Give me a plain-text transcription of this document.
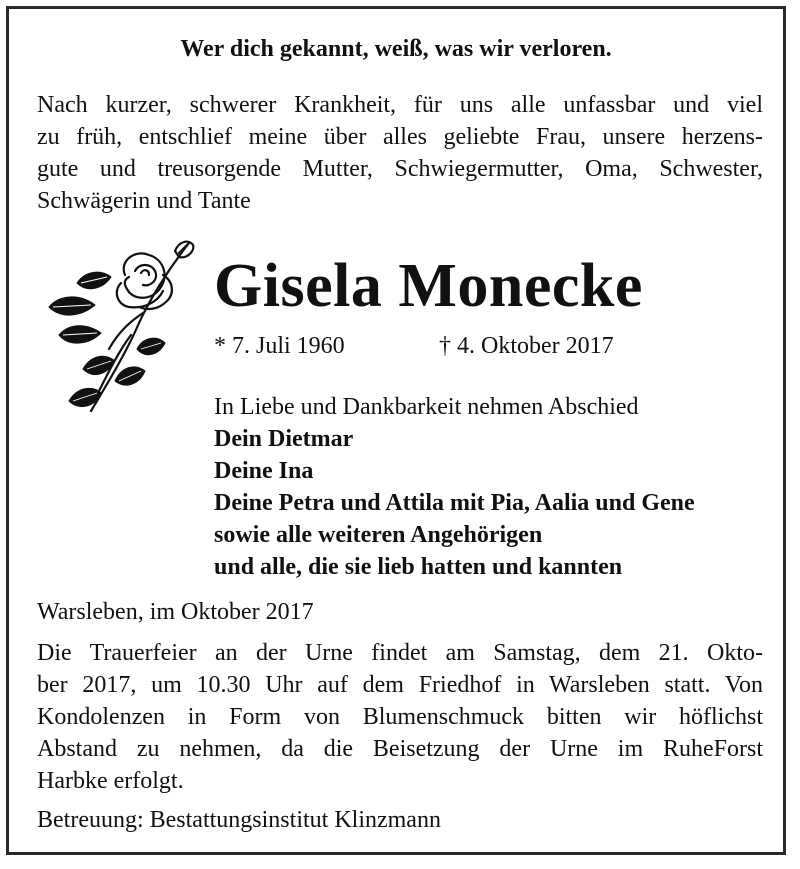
Wer dich gekannt, weiß, was wir verloren.
Nach kurzer, schwerer Krankheit, für uns alle unfassbar und viel
zu früh, entschlief meine über alles geliebte Frau, unsere herzens-
gute und treusorgende Mutter, Schwiegermutter, Oma, Schwester,
Schwägerin und Tante
Gisela Monecke
* 7. Juli 1960	† 4. Oktober 2017
In Liebe und Dankbarkeit nehmen Abschied
Dein Dietmar
Deine Ina
Deine Petra und Attila mit Pia, Aalia und Gene
sowie alle weiteren Angehörigen
und alle, die sie lieb hatten und kannten
Warsleben, im Oktober 2017
Die Trauerfeier an der Urne findet am Samstag, dem 21. Okto-
ber 2017, um 10.30 Uhr auf dem Friedhof in Warsleben statt. Von
Kondolenzen in Form von Blumenschmuck bitten wir höflichst
Abstand zu nehmen, da die Beisetzung der Urne im RuheForst
Harbke erfolgt.
Betreuung: Bestattungsinstitut Klinzmann
